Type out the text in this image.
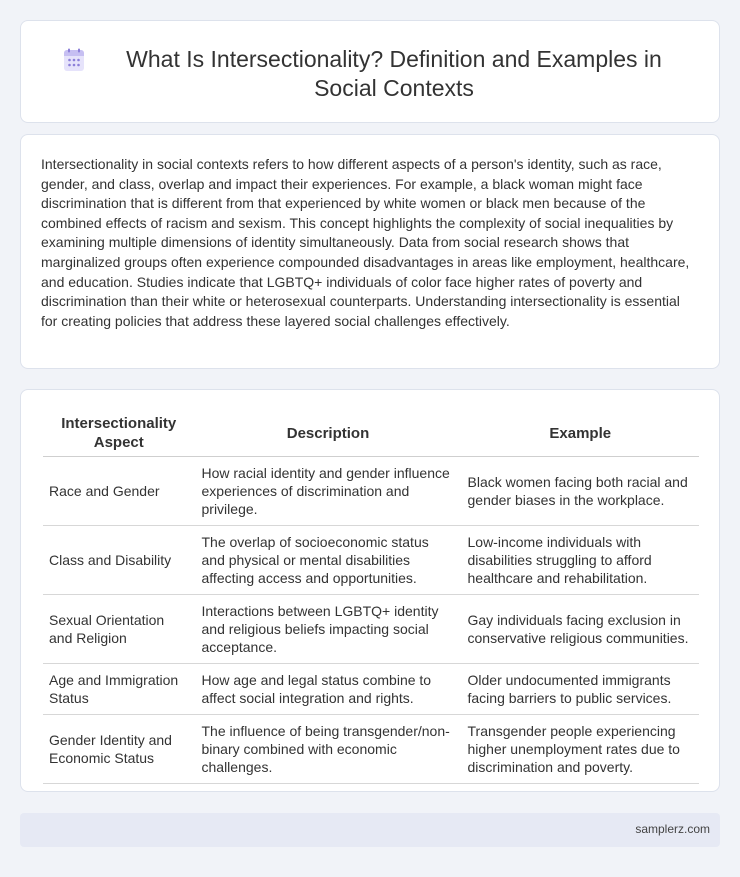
What Is Intersectionality? Definition and Examples in Social Contexts

Intersectionality in social contexts refers to how different aspects of a person's identity, such as race, gender, and class, overlap and impact their experiences. For example, a black woman might face discrimination that is different from that experienced by white women or black men because of the combined effects of racism and sexism. This concept highlights the complexity of social inequalities by examining multiple dimensions of identity simultaneously. Data from social research shows that marginalized groups often experience compounded disadvantages in areas like employment, healthcare, and education. Studies indicate that LGBTQ+ individuals of color face higher rates of poverty and discrimination than their white or heterosexual counterparts. Understanding intersectionality is essential for creating policies that address these layered social challenges effectively.

Intersectionality Aspect	Description	Example
Race and Gender	How racial identity and gender influence experiences of discrimination and privilege.	Black women facing both racial and gender biases in the workplace.
Class and Disability	The overlap of socioeconomic status and physical or mental disabilities affecting access and opportunities.	Low-income individuals with disabilities struggling to afford healthcare and rehabilitation.
Sexual Orientation and Religion	Interactions between LGBTQ+ identity and religious beliefs impacting social acceptance.	Gay individuals facing exclusion in conservative religious communities.
Age and Immigration Status	How age and legal status combine to affect social integration and rights.	Older undocumented immigrants facing barriers to public services.
Gender Identity and Economic Status	The influence of being transgender/non-binary combined with economic challenges.	Transgender people experiencing higher unemployment rates due to discrimination and poverty.
samplerz.com
